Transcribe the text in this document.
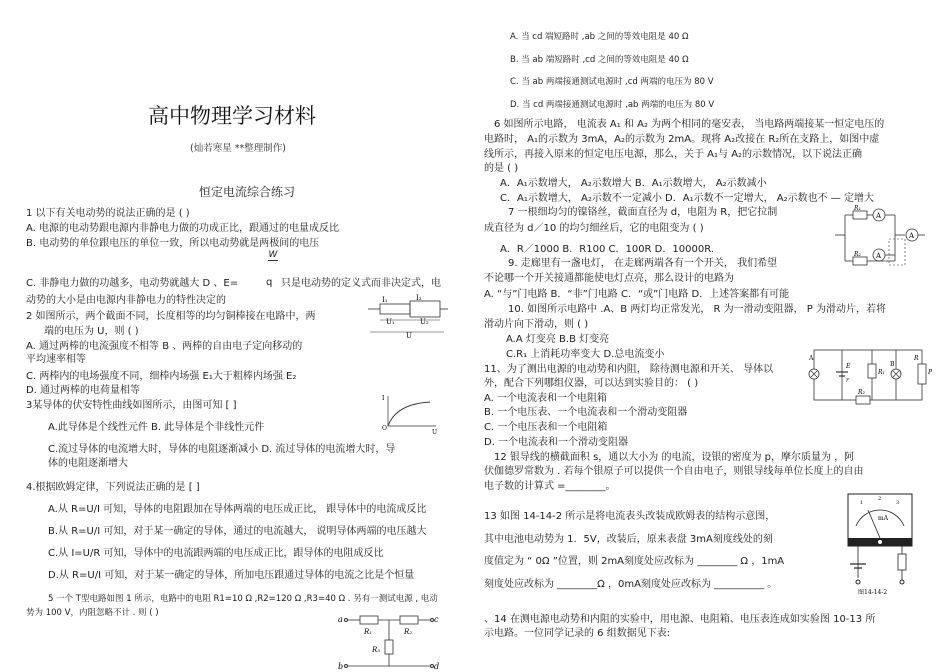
高中物理学习材料
(灿若寒星 **整理制作)
恒定电流综合练习
1 以下有关电动势的说法正确的是 ( )
A. 电源的电动势跟电源内非静电力做的功成正比，跟通过的电量成反比
B. 电动势的单位跟电压的单位一致，所以电动势就是两极间的电压
W
C. 非静电力做的功越多，电动势就越大 D 、E=	q 只是电动势的定义式而非决定式，电
动势的大小是由电源内非静电力的特性决定的
2 如图所示，两个截面不同，长度相等的均匀铜棒接在电路中，两
端的电压为 U，则 ( )
A. 通过两棒的电流强度不相等 B 、两棒的自由电子定向移动的
平均速率相等
C. 两棒内的电场强度不同，细棒内场强 E₁大于粗棒内场强 E₂
D. 通过两棒的电荷量相等
I₁	I₂
U₁	U₂
U
3某导体的伏安特性曲线如图所示，由图可知 [ ]
A.此导体是个线性元件 B. 此导体是个非线性元件
C.流过导体的电流增大时，导体的电阻逐渐减小 D. 流过导体的电流增大时，导
体的电阻逐渐增大
I
O
U
4.根据欧姆定律，下列说法正确的是 [ ]
A.从 R=U/I 可知，导体的电阻跟加在导体两端的电压成正比， 跟导体中的电流成反比
B.从 R=U/I 可知，对于某一确定的导体，通过的电流越大， 说明导体两端的电压越大
C.从 I=U/R 可知，导体中的电流跟两端的电压成正比，跟导体的电阻成反比
D.从 R=U/I 可知，对于某一确定的导体，所加电压跟通过导体的电流之比是个恒量
5 一个 T型电路如图 1 所示，电路中的电阻 R1=10 Ω ,R2=120 Ω ,R3=40 Ω . 另有一测试电源 , 电动
势为 100 V，内阻忽略不计 . 则 ( )
a	c
R₁	R₂
R₃
b	d
A. 当 cd 端短路时 ,ab 之间的等效电阻是 40 Ω
B. 当 ab 端短路时 ,cd 之间的等效电阻是 40 Ω
C. 当 ab 两端接通测试电源时 ,cd 两端的电压为 80 V
D. 当 cd 两端接通测试电源时 ,ab 两端的电压为 80 V
6 如图所示电路， 电流表 A₁ 和 A₂ 为两个相同的毫安表， 当电路两端接某一恒定电压的
电路时， A₁的示数为 3mA，A₂的示数为 2mA。现将 A₂改接在 R₂所在支路上，如图中虚
线所示，再接入原来的恒定电压电源，那么，关于 A₁与 A₂的示数情况，以下说法正确
的是 ( )
A．A₁示数增大， A₂示数增大 B．A₁示数增大， A₂示数减小
C．A₁示数增大， A₂示数不一定减小 D．A₁示数不一定增大， A₂示数也不 — 定增大
7 一根细均匀的镍铬丝，截面直径为 d，电阻为 R，把它拉制
成直径为 d／10 的均匀细丝后，它的电阻变为 ( )
A．R／1000 B．R100 C．100R D．10000R.
R₁
A
R₂ A
A
9. 走廊里有一盏电灯， 在走廊两端各有一个开关， 我们希望
不论哪一个开关接通都能使电灯点亮，那么设计的电路为
A. “与”门电路 B．“非”门电路 C．“或”门电路 D．上述答案都有可能
10. 如图所示电路中 .A、B 两灯均正常发光， R 为一滑动变阻器， P 为滑动片，若将
滑动片向下滑动，则 ( )
A.A 灯变亮 B.B 灯变亮
C.R₁ 上消耗功率变大 D.总电流变小
E
r
A
R₁
B
R
P
R₂
11、为了测出电源的电动势和内阻， 除待测电源和开关、 导体以
外，配合下列哪组仪器，可以达到实验目的： ( )
A. 一个电流表和一个电阻箱
B. 一个电压表、一个电流表和一个滑动变阻器
C. 一个电压表和一个电阻箱
D. 一个电流表和一个滑动变阻器
12 银导线的横截面积 s，通以大小为 的电流，设银的密度为 p，摩尔质量为 ，阿
伏伽德罗常数为 . 若每个银原子可以提供一个自由电子，则银导线每单位长度上的自由
电子数的计算式 =________。
13 如图 14-14-2 所示是将电流表头改装成欧姆表的结构示意图，
其中电池电动势为 1．5V，改装后，原来表盘 3mA刻度线处的刻
度值定为 “ 0Ω ”位置，则 2mA刻度处应改标为 ________ Ω ，1mA
刻度处应改标为 ________Ω ，0mA刻度处应改标为 __________ 。
1
2
3
mA
图14-14-2
、14 在测电源电动势和内阻的实验中，用电源、电阻箱、电压表连成如实验图 10-13 所
示电路。一位同学记录的 6 组数据见下表:
